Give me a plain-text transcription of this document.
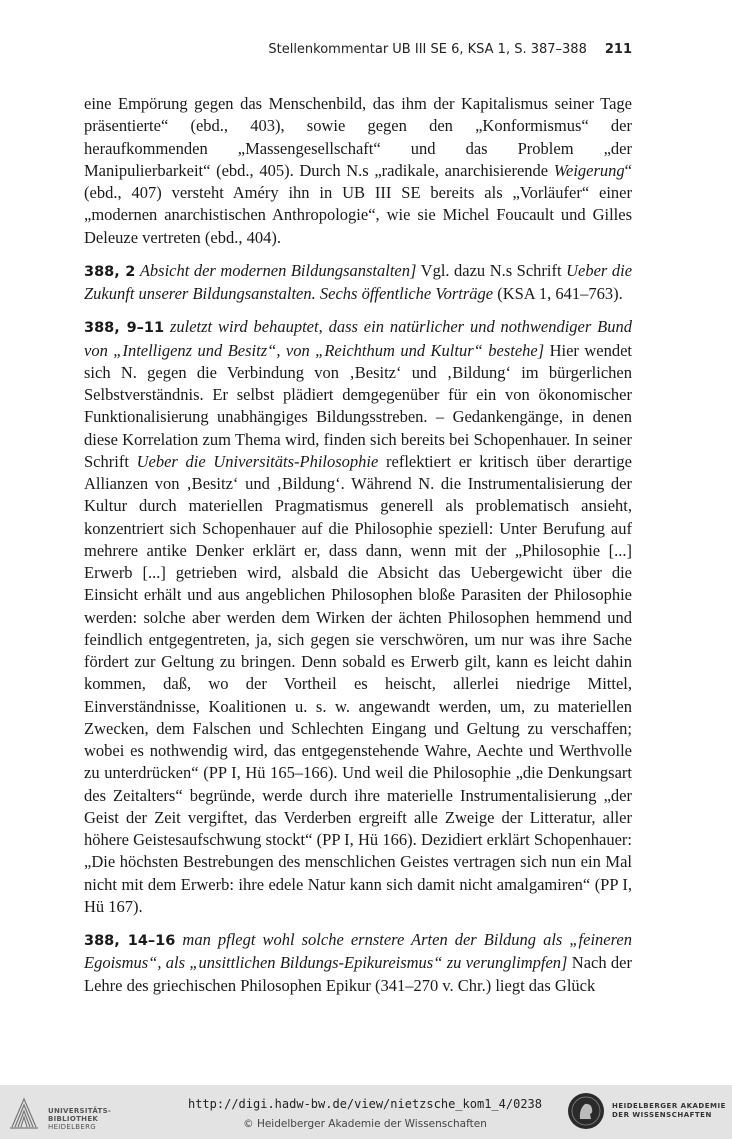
Stellenkommentar UB III SE 6, KSA 1, S. 387–388 211

eine Empörung gegen das Menschenbild, das ihm der Kapitalismus seiner Tage präsentierte“ (ebd., 403), sowie gegen den „Konformismus“ der heraufkommenden „Massengesellschaft“ und das Problem „der Manipulierbarkeit“ (ebd., 405). Durch N.s „radikale, anarchisierende Weigerung“ (ebd., 407) versteht Améry ihn in UB III SE bereits als „Vorläufer“ einer „modernen anarchistischen Anthropologie“, wie sie Michel Foucault und Gilles Deleuze vertreten (ebd., 404).

388, 2 Absicht der modernen Bildungsanstalten] Vgl. dazu N.s Schrift Ueber die Zukunft unserer Bildungsanstalten. Sechs öffentliche Vorträge (KSA 1, 641–763).

388, 9–11 zuletzt wird behauptet, dass ein natürlicher und nothwendiger Bund von „Intelligenz und Besitz“, von „Reichthum und Kultur“ bestehe] Hier wendet sich N. gegen die Verbindung von ‚Besitz‘ und ‚Bildung‘ im bürgerlichen Selbstverständnis. Er selbst plädiert demgegenüber für ein von ökonomischer Funktionalisierung unabhängiges Bildungsstreben. – Gedankengänge, in denen diese Korrelation zum Thema wird, finden sich bereits bei Schopenhauer. In seiner Schrift Ueber die Universitäts-Philosophie reflektiert er kritisch über derartige Allianzen von ‚Besitz‘ und ‚Bildung‘. Während N. die Instrumentalisierung der Kultur durch materiellen Pragmatismus generell als problematisch ansieht, konzentriert sich Schopenhauer auf die Philosophie speziell: Unter Berufung auf mehrere antike Denker erklärt er, dass dann, wenn mit der „Philosophie [...] Erwerb [...] getrieben wird, alsbald die Absicht das Uebergewicht über die Einsicht erhält und aus angeblichen Philosophen bloße Parasiten der Philosophie werden: solche aber werden dem Wirken der ächten Philosophen hemmend und feindlich entgegentreten, ja, sich gegen sie verschwören, um nur was ihre Sache fördert zur Geltung zu bringen. Denn sobald es Erwerb gilt, kann es leicht dahin kommen, daß, wo der Vortheil es heischt, allerlei niedrige Mittel, Einverständnisse, Koalitionen u. s. w. angewandt werden, um, zu materiellen Zwecken, dem Falschen und Schlechten Eingang und Geltung zu verschaffen; wobei es nothwendig wird, das entgegenstehende Wahre, Aechte und Werthvolle zu unterdrücken“ (PP I, Hü 165–166). Und weil die Philosophie „die Denkungsart des Zeitalters“ begründe, werde durch ihre materielle Instrumentalisierung „der Geist der Zeit vergiftet, das Verderben ergreift alle Zweige der Litteratur, aller höhere Geistesaufschwung stockt“ (PP I, Hü 166). Dezidiert erklärt Schopenhauer: „Die höchsten Bestrebungen des menschlichen Geistes vertragen sich nun ein Mal nicht mit dem Erwerb: ihre edele Natur kann sich damit nicht amalgamiren“ (PP I, Hü 167).

388, 14–16 man pflegt wohl solche ernstere Arten der Bildung als „feineren Egoismus“, als „unsittlichen Bildungs-Epikureismus“ zu verunglimpfen] Nach der Lehre des griechischen Philosophen Epikur (341–270 v. Chr.) liegt das Glück

UNIVERSITÄTS-
BIBLIOTHEK
HEIDELBERG
http://digi.hadw-bw.de/view/nietzsche_kom1_4/0238
© Heidelberger Akademie der Wissenschaften
HEIDELBERGER AKADEMIE
DER WISSENSCHAFTEN
